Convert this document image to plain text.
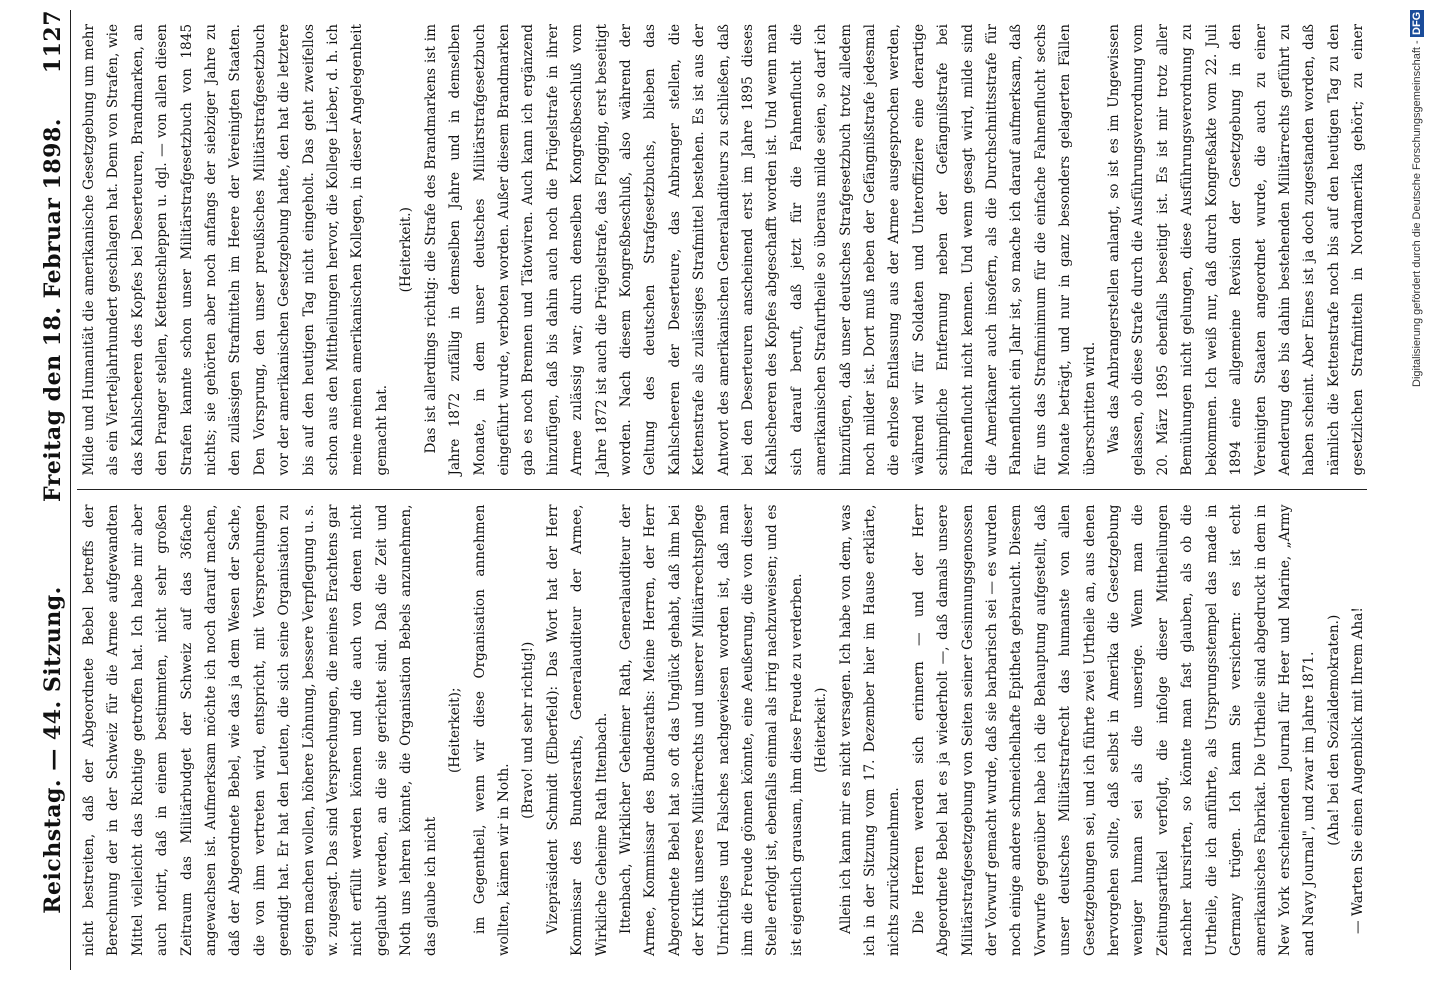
Reichstag. — 44. Sitzung.
Freitag den 18. Februar 1898.
1127

nicht bestreiten, daß der Abgeordnete Bebel betreffs der Berechnung der in der Schweiz für die Armee aufgewandten Mittel vielleicht das Richtige getroffen hat. Ich habe mir aber auch notirt, daß in einem bestimmten, nicht sehr großen Zeitraum das Militärbudget der Schweiz auf das 36fache angewachsen ist. Aufmerksam möchte ich noch darauf machen, daß der Abgeordnete Bebel, wie das ja dem Wesen der Sache, die von ihm vertreten wird, entspricht, mit Versprechungen geendigt hat. Er hat den Leuten, die sich seine Organisation zu eigen machen wollen, höhere Löhnung, bessere Verpflegung u. s. w. zugesagt. Das sind Versprechungen, die meines Erachtens gar nicht erfüllt werden können und die auch von denen nicht geglaubt werden, an die sie gerichtet sind. Daß die Zeit und Noth uns lehren könnte, die Organisation Bebels anzunehmen, das glaube ich nicht

(Heiterkeit); im Gegentheil, wenn wir diese Organisation annehmen wollten, kämen wir in Noth.

(Bravo! und sehr richtig!) Vizepräsident Schmidt (Elberfeld): Das Wort hat der Herr Kommissar des Bundesraths, Generalauditeur der Armee, Wirkliche Geheime Rath Ittenbach. Ittenbach, Wirklicher Geheimer Rath, Generalauditeur der Armee, Kommissar des Bundesraths: Meine Herren, der Herr Abgeordnete Bebel hat so oft das Unglück gehabt, daß ihm bei der Kritik unseres Militärrechts und unserer Militärrechtspflege Unrichtiges und Falsches nachgewiesen worden ist, daß man ihm die Freude gönnen könnte, eine Aeußerung, die von dieser Stelle erfolgt ist, ebenfalls einmal als irrig nachzuweisen; und es ist eigentlich grausam, ihm diese Freude zu verderben. (Heiterkeit.) Allein ich kann mir es nicht versagen. Ich habe von dem, was ich in der Sitzung vom 17. Dezember hier im Hause erklärte, nichts zurückzunehmen. Die Herren werden sich erinnern — und der Herr Abgeordnete Bebel hat es ja wiederholt —, daß damals unsere Militärstrafgesetzgebung von Seiten seiner Gesinnungsgenossen der Vorwurf gemacht wurde, daß sie barbarisch sei — es wurden noch einige andere schmeichelhafte Epitheta gebraucht. Diesem Vorwurfe gegenüber habe ich die Behauptung aufgestellt, daß unser deutsches Militärstrafrecht das humanste von allen Gesetzgebungen sei, und ich führte zwei Urtheile an, aus denen hervorgehen sollte, daß selbst in Amerika die Gesetzgebung weniger human sei als die unserige. Wenn man die Zeitungsartikel verfolgt, die infolge dieser Mittheilungen nachher kursirten, so könnte man fast glauben, als ob die Urtheile, die ich anführte, als Ursprungsstempel das made in Germany trügen. Ich kann Sie versichern: es ist echt amerikanisches Fabrikat. Die Urtheile sind abgedruckt in dem in New York erscheinenden Journal für Heer und Marine, „Army and Navy Journal", und zwar im Jahre 1871. (Aha! bei den Sozialdemokraten.) — Warten Sie einen Augenblick mit Ihrem Aha!

Milde und Humanität die amerikanische Gesetzgebung um mehr als ein Vierteljahrhundert geschlagen hat. Denn von Strafen, wie das Kahlscheeren des Kopfes bei Deserteuren, Brandmarken, an den Pranger stellen, Kettenschleppen u. dgl. — von allen diesen Strafen kannte schon unser Militärstrafgesetzbuch von 1845 nichts; sie gehörten aber noch anfangs der siebziger Jahre zu den zulässigen Strafmitteln im Heere der Vereinigten Staaten. Den Vorsprung, den unser preußisches Militärstrafgesetzbuch vor der amerikanischen Gesetzgebung hatte, den hat die letztere bis auf den heutigen Tag nicht eingeholt. Das geht zweifellos schon aus den Mittheilungen hervor, die Kollege Lieber, d. h. ich meine meinen amerikanischen Kollegen, in dieser Angelegenheit gemacht hat.

(Heiterkeit.) Das ist allerdings richtig: die Strafe des Brandmarkens ist im Jahre 1872 zufällig in demselben Jahre und in demselben Monate, in dem unser deutsches Militärstrafgesetzbuch eingeführt wurde, verboten worden. Außer diesem Brandmarken gab es noch Brennen und Tätowiren. Auch kann ich ergänzend hinzufügen, daß bis dahin auch noch die Prügelstrafe in ihrer Armee zulässig war; durch denselben Kongreßbeschluß vom Jahre 1872 ist auch die Prügelstrafe, das Flogging, erst beseitigt worden. Nach diesem Kongreßbeschluß, also während der Geltung des deutschen Strafgesetzbuchs, blieben das Kahlscheeren der Deserteure, das Anbranger stellen, die Kettenstrafe als zulässiges Strafmittel bestehen. Es ist aus der Antwort des amerikanischen Generalanditeurs zu schließen, daß bei den Deserteuren anscheinend erst im Jahre 1895 dieses Kahlscheeren des Kopfes abgeschafft worden ist. Und wenn man sich darauf beruft, daß jetzt für die Fahnenflucht die amerikanischen Strafurtheile so überaus milde seien, so darf ich hinzufügen, daß unser deutsches Strafgesetzbuch trotz alledem noch milder ist. Dort muß neben der Gefängnißstrafe jedesmal die ehrlose Entlassung aus der Armee ausgesprochen werden, während wir für Soldaten und Unteroffiziere eine derartige schimpfliche Entfernung neben der Gefängnißstrafe bei Fahnenflucht nicht kennen. Und wenn gesagt wird, milde sind die Amerikaner auch insofern, als die Durchschnittsstrafe für Fahnenflucht ein Jahr ist, so mache ich darauf aufmerksam, daß für uns das Strafminimum für die einfache Fahnenflucht sechs Monate beträgt, und nur in ganz besonders gelagerten Fällen überschritten wird. Was das Anbrangerstellen anlangt, so ist es im Ungewissen gelassen, ob diese Strafe durch die Ausführungsverordnung vom 20. März 1895 ebenfalls beseitigt ist. Es ist mir trotz aller Bemühungen nicht gelungen, diese Ausführungsverordnung zu bekommen. Ich weiß nur, daß durch Kongreßakte vom 22. Juli 1894 eine allgemeine Revision der Gesetzgebung in den Vereinigten Staaten angeordnet wurde, die auch zu einer Aenderung des bis dahin bestehenden Militärrechts geführt zu haben scheint. Aber Eines ist ja doch zugestanden worden, daß nämlich die Kettenstrafe noch bis auf den heutigen Tag zu den gesetzlichen Strafmitteln in Nordamerika gehört; zu einer	Digitalisierung gefördert durch die Deutsche Forschungsgemeinschaft - DFG
